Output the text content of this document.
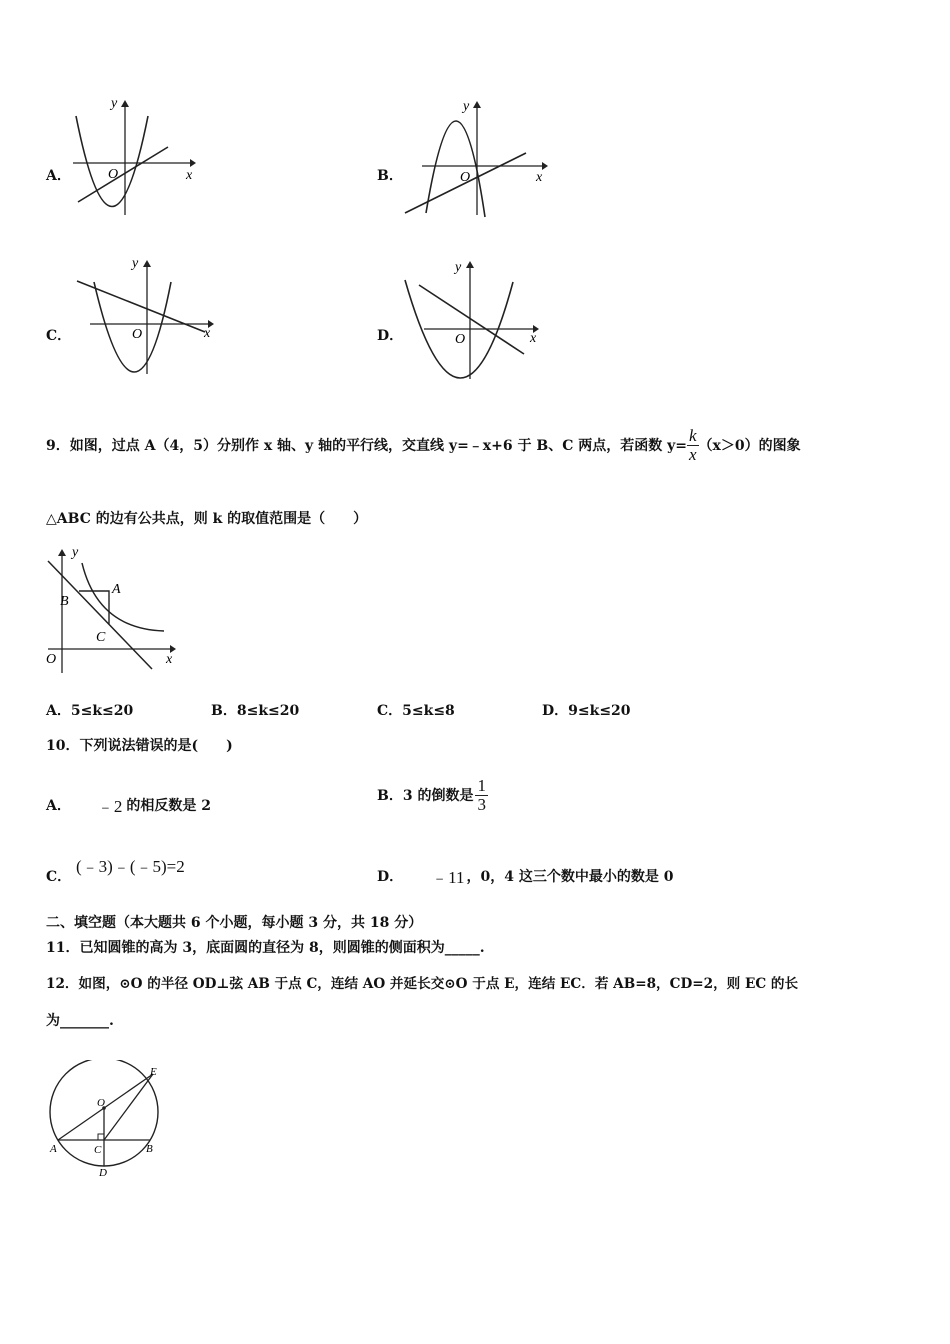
A．	x
y
O	B．	x
y
O
C．	x
y
O	D．	x
y
O
9．如图，过点 A（4，5）分别作 x 轴、y 轴的平行线，交直线 y=﹣x+6 于 B、C 两点，若函数 $y= \frac{k}{x} (x>0)$的图象
△ABC 的边有公共点，则 k 的取值范围是（　　）
A
B
C
O	x
y
A．5≤k≤20	B．8≤k≤20	C．5≤k≤8	D．9≤k≤20
10．下列说法错误的是(　　)
A． ﹣2 的相反数是 2
B． 3 的倒数是 $\frac{1}{3}$
C．
(﹣3)﹣(﹣5)=2
D． ﹣11 ，0，4 这三个数中最小的数是 0
二、填空题（本大题共 6 个小题，每小题 3 分，共 18 分）
11．已知圆锥的高为 3，底面圆的直径为 8，则圆锥的侧面积为_____.
12．如图，⊙O 的半径 OD⊥弦 AB 于点 C，连结 AO 并延长交⊙O 于点 E，连结 EC．若 AB=8，CD=2，则 EC 的长
为_______.
O
E
A	B
C
D
